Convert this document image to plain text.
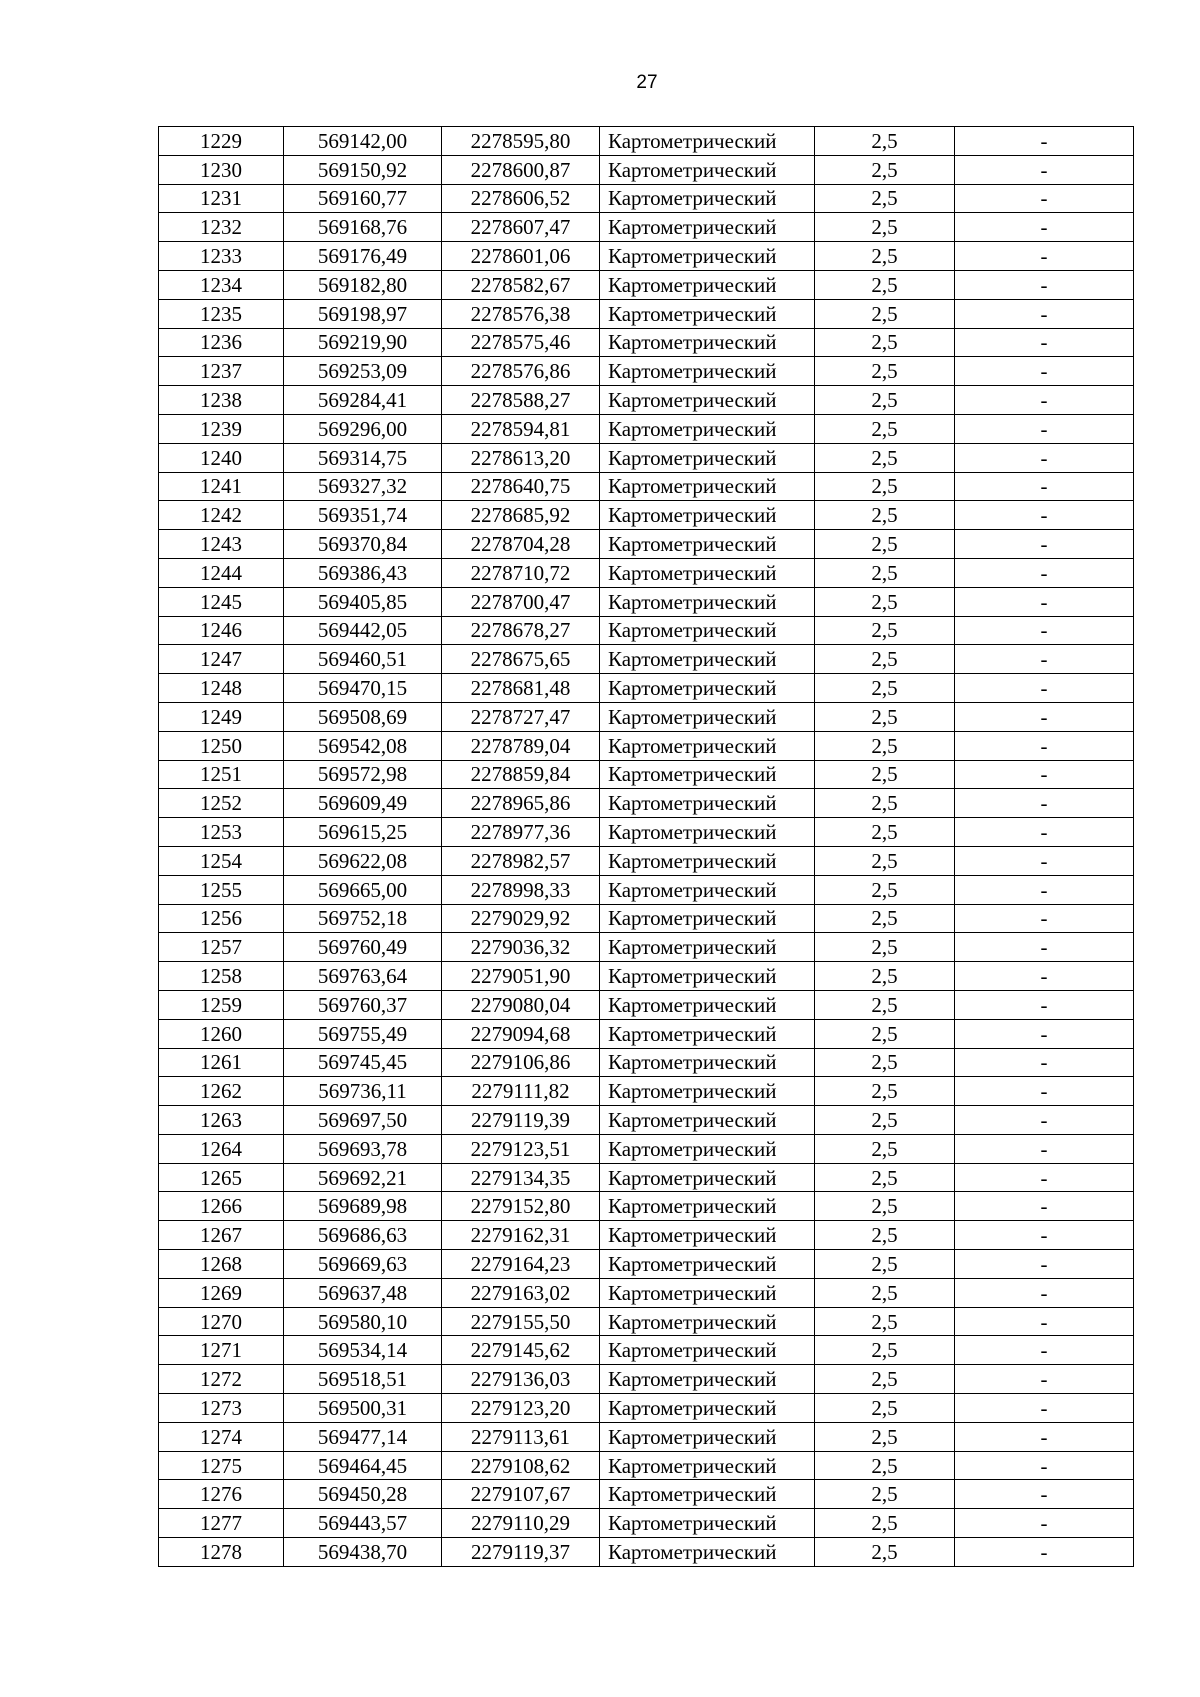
27
1229	569142,00	2278595,80	Картометрический	2,5	-
1230	569150,92	2278600,87	Картометрический	2,5	-
1231	569160,77	2278606,52	Картометрический	2,5	-
1232	569168,76	2278607,47	Картометрический	2,5	-
1233	569176,49	2278601,06	Картометрический	2,5	-
1234	569182,80	2278582,67	Картометрический	2,5	-
1235	569198,97	2278576,38	Картометрический	2,5	-
1236	569219,90	2278575,46	Картометрический	2,5	-
1237	569253,09	2278576,86	Картометрический	2,5	-
1238	569284,41	2278588,27	Картометрический	2,5	-
1239	569296,00	2278594,81	Картометрический	2,5	-
1240	569314,75	2278613,20	Картометрический	2,5	-
1241	569327,32	2278640,75	Картометрический	2,5	-
1242	569351,74	2278685,92	Картометрический	2,5	-
1243	569370,84	2278704,28	Картометрический	2,5	-
1244	569386,43	2278710,72	Картометрический	2,5	-
1245	569405,85	2278700,47	Картометрический	2,5	-
1246	569442,05	2278678,27	Картометрический	2,5	-
1247	569460,51	2278675,65	Картометрический	2,5	-
1248	569470,15	2278681,48	Картометрический	2,5	-
1249	569508,69	2278727,47	Картометрический	2,5	-
1250	569542,08	2278789,04	Картометрический	2,5	-
1251	569572,98	2278859,84	Картометрический	2,5	-
1252	569609,49	2278965,86	Картометрический	2,5	-
1253	569615,25	2278977,36	Картометрический	2,5	-
1254	569622,08	2278982,57	Картометрический	2,5	-
1255	569665,00	2278998,33	Картометрический	2,5	-
1256	569752,18	2279029,92	Картометрический	2,5	-
1257	569760,49	2279036,32	Картометрический	2,5	-
1258	569763,64	2279051,90	Картометрический	2,5	-
1259	569760,37	2279080,04	Картометрический	2,5	-
1260	569755,49	2279094,68	Картометрический	2,5	-
1261	569745,45	2279106,86	Картометрический	2,5	-
1262	569736,11	2279111,82	Картометрический	2,5	-
1263	569697,50	2279119,39	Картометрический	2,5	-
1264	569693,78	2279123,51	Картометрический	2,5	-
1265	569692,21	2279134,35	Картометрический	2,5	-
1266	569689,98	2279152,80	Картометрический	2,5	-
1267	569686,63	2279162,31	Картометрический	2,5	-
1268	569669,63	2279164,23	Картометрический	2,5	-
1269	569637,48	2279163,02	Картометрический	2,5	-
1270	569580,10	2279155,50	Картометрический	2,5	-
1271	569534,14	2279145,62	Картометрический	2,5	-
1272	569518,51	2279136,03	Картометрический	2,5	-
1273	569500,31	2279123,20	Картометрический	2,5	-
1274	569477,14	2279113,61	Картометрический	2,5	-
1275	569464,45	2279108,62	Картометрический	2,5	-
1276	569450,28	2279107,67	Картометрический	2,5	-
1277	569443,57	2279110,29	Картометрический	2,5	-
1278	569438,70	2279119,37	Картометрический	2,5	-
